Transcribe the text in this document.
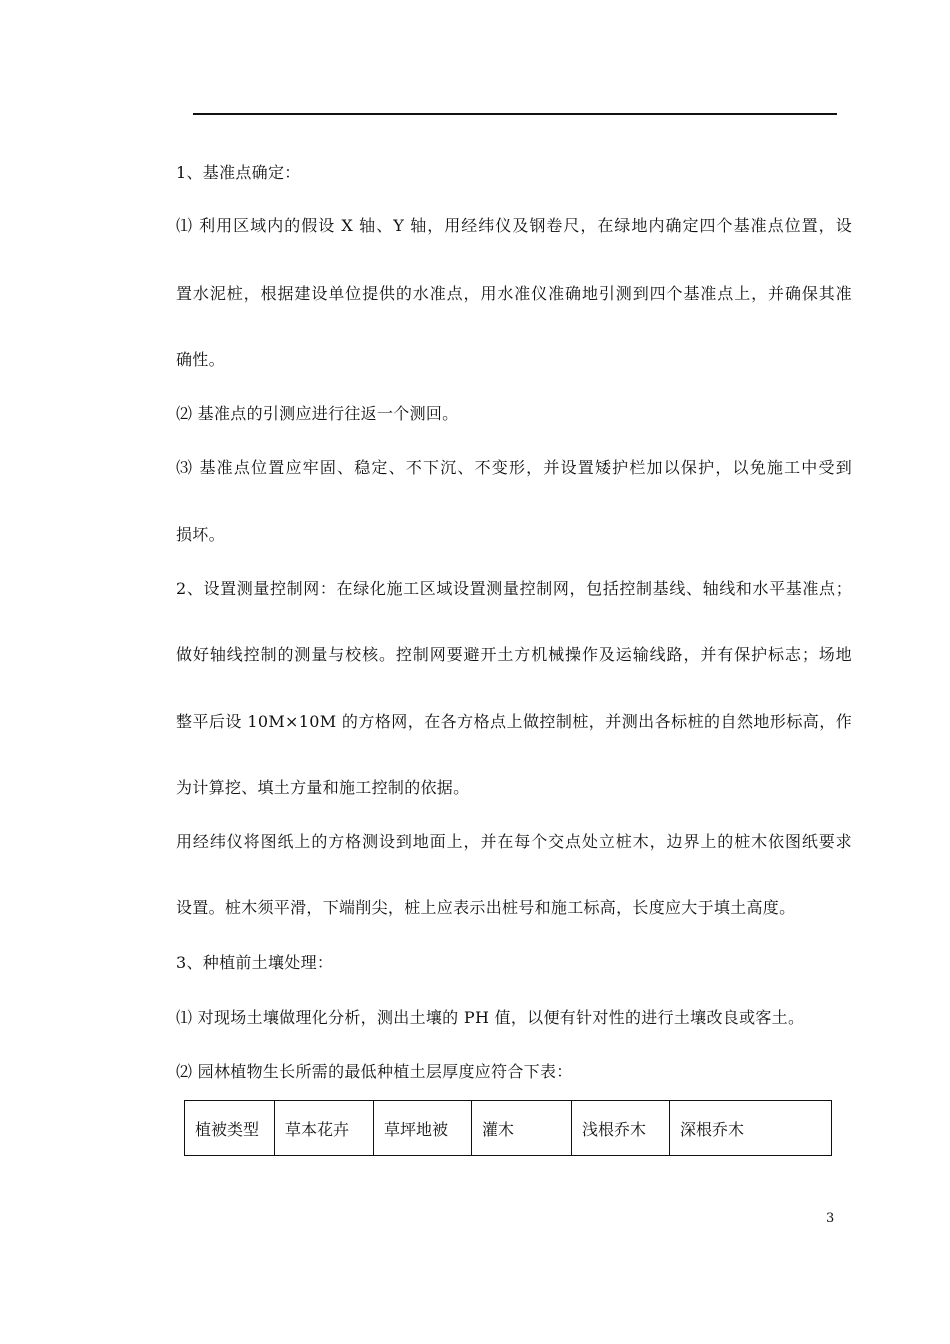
1、基准点确定：
⑴ 利用区域内的假设 X 轴、Y 轴，用经纬仪及钢卷尺，在绿地内确定四个基准点位置，设
置水泥桩，根据建设单位提供的水准点，用水准仪准确地引测到四个基准点上，并确保其准
确性。
⑵ 基准点的引测应进行往返一个测回。
⑶ 基准点位置应牢固、稳定、不下沉、不变形，并设置矮护栏加以保护，以免施工中受到
损坏。
2、设置测量控制网：在绿化施工区域设置测量控制网，包括控制基线、轴线和水平基准点；
做好轴线控制的测量与校核。控制网要避开土方机械操作及运输线路，并有保护标志；场地
整平后设 10M×10M 的方格网，在各方格点上做控制桩，并测出各标桩的自然地形标高，作
为计算挖、填土方量和施工控制的依据。
用经纬仪将图纸上的方格测设到地面上，并在每个交点处立桩木，边界上的桩木依图纸要求
设置。桩木须平滑，下端削尖，桩上应表示出桩号和施工标高，长度应大于填土高度。
3、种植前土壤处理：
⑴ 对现场土壤做理化分析，测出土壤的 PH 值，以便有针对性的进行土壤改良或客土。
⑵ 园林植物生长所需的最低种植土层厚度应符合下表：
植被类型	草本花卉	草坪地被	灌木	浅根乔木	深根乔木
3
